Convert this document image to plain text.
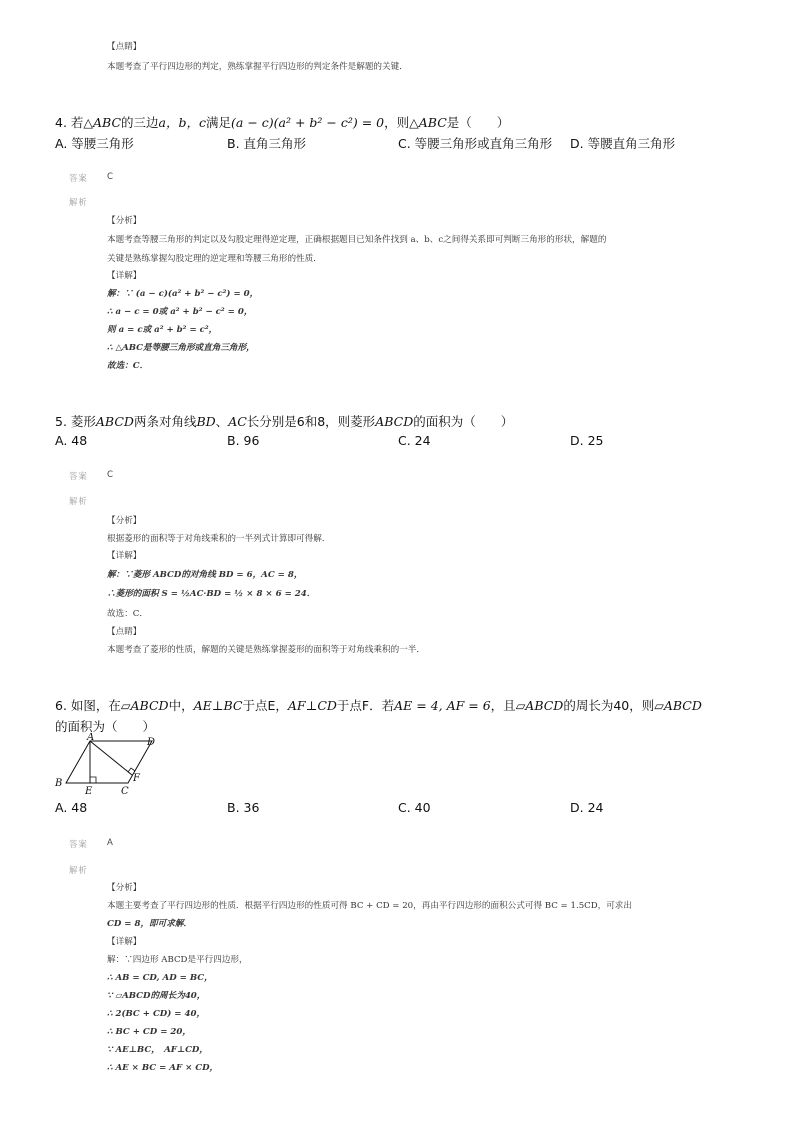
【点睛】
本题考查了平行四边形的判定，熟练掌握平行四边形的判定条件是解题的关键．
4. 若△ABC的三边a，b，c满足(a − c)(a² + b² − c²) = 0，则△ABC是（　　）
A. 等腰三角形	B. 直角三角形	C. 等腰三角形或直角三角形 D. 等腰直角三角形
答案 C
解析
【分析】
本题考查等腰三角形的判定以及勾股定理得逆定理，正确根据题目已知条件找到 a、b、c之间得关系即可判断三角形的形状，解题的
关键是熟练掌握勾股定理的逆定理和等腰三角形的性质．
【详解】
解：∵ (a − c)(a² + b² − c²) = 0，
∴ a − c = 0或 a² + b² − c² = 0，
则 a = c或 a² + b² = c²，
∴ △ABC是等腰三角形或直角三角形，
故选：C．
5. 菱形ABCD两条对角线BD、AC长分别是6和8，则菱形ABCD的面积为（　　）
A. 48	B. 96	C. 24	D. 25
答案 C
解析
【分析】
根据菱形的面积等于对角线乘积的一半列式计算即可得解．
【详解】
解：∵菱形 ABCD的对角线 BD = 6，AC = 8，
∴菱形的面积 S = ½AC·BD = ½ × 8 × 6 = 24．
故选：C．
【点睛】
本题考查了菱形的性质，解题的关键是熟练掌握菱形的面积等于对角线乘积的一半．
6. 如图，在▱ABCD中，AE⊥BC于点E，AF⊥CD于点F．若AE = 4, AF = 6，且▱ABCD的周长为40，则▱ABCD
的面积为（　　）
A	D
B
E	C
F
A. 48	B. 36	C. 40	D. 24
答案 A
解析
【分析】
本题主要考查了平行四边形的性质．根据平行四边形的性质可得 BC + CD = 20，再由平行四边形的面积公式可得 BC = 1.5CD，可求出
CD = 8，即可求解．
【详解】
解：∵四边形 ABCD是平行四边形，
∴ AB = CD, AD = BC，
∵ ▱ABCD的周长为40，
∴ 2(BC + CD) = 40，
∴ BC + CD = 20，
∵ AE⊥BC，　AF⊥CD，
∴ AE × BC = AF × CD，
